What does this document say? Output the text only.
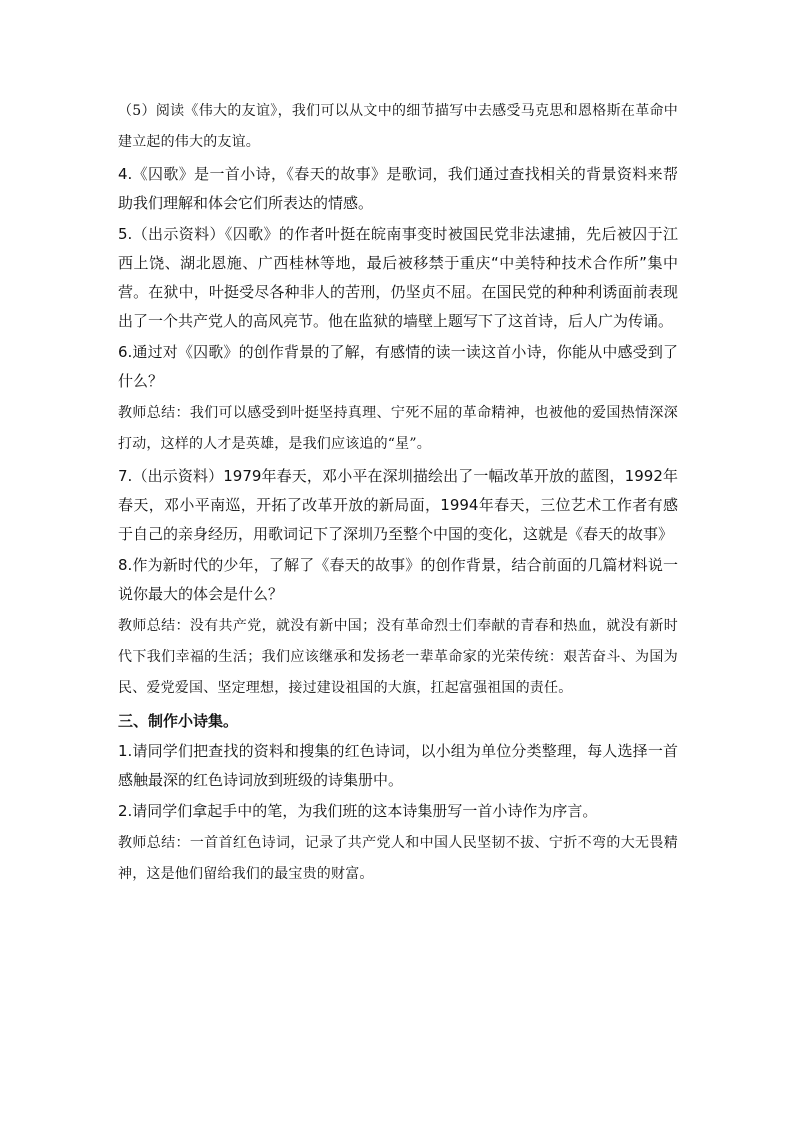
（5）阅读《伟大的友谊》，我们可以从文中的细节描写中去感受马克思和恩格斯在革命中建立起的伟大的友谊。

4.《囚歌》是一首小诗，《春天的故事》是歌词，我们通过查找相关的背景资料来帮助我们理解和体会它们所表达的情感。

5.（出示资料）《囚歌》的作者叶挺在皖南事变时被国民党非法逮捕，先后被囚于江西上饶、湖北恩施、广西桂林等地，最后被移禁于重庆“中美特种技术合作所”集中营。在狱中，叶挺受尽各种非人的苦刑，仍坚贞不屈。在国民党的种种利诱面前表现出了一个共产党人的高风亮节。他在监狱的墙壁上题写下了这首诗，后人广为传诵。

6.通过对《囚歌》的创作背景的了解，有感情的读一读这首小诗，你能从中感受到了什么？

教师总结：我们可以感受到叶挺坚持真理、宁死不屈的革命精神，也被他的爱国热情深深打动，这样的人才是英雄，是我们应该追的“星”。

7.（出示资料）1979年春天，邓小平在深圳描绘出了一幅改革开放的蓝图，1992年春天，邓小平南巡，开拓了改革开放的新局面，1994年春天，三位艺术工作者有感于自己的亲身经历，用歌词记下了深圳乃至整个中国的变化，这就是《春天的故事》

8.作为新时代的少年，了解了《春天的故事》的创作背景，结合前面的几篇材料说一说你最大的体会是什么？

教师总结：没有共产党，就没有新中国；没有革命烈士们奉献的青春和热血，就没有新时代下我们幸福的生活；我们应该继承和发扬老一辈革命家的光荣传统：艰苦奋斗、为国为民、爱党爱国、坚定理想，接过建设祖国的大旗，扛起富强祖国的责任。

三、制作小诗集。

1.请同学们把查找的资料和搜集的红色诗词，以小组为单位分类整理，每人选择一首感触最深的红色诗词放到班级的诗集册中。

2.请同学们拿起手中的笔，为我们班的这本诗集册写一首小诗作为序言。

教师总结：一首首红色诗词，记录了共产党人和中国人民坚韧不拔、宁折不弯的大无畏精神，这是他们留给我们的最宝贵的财富。
